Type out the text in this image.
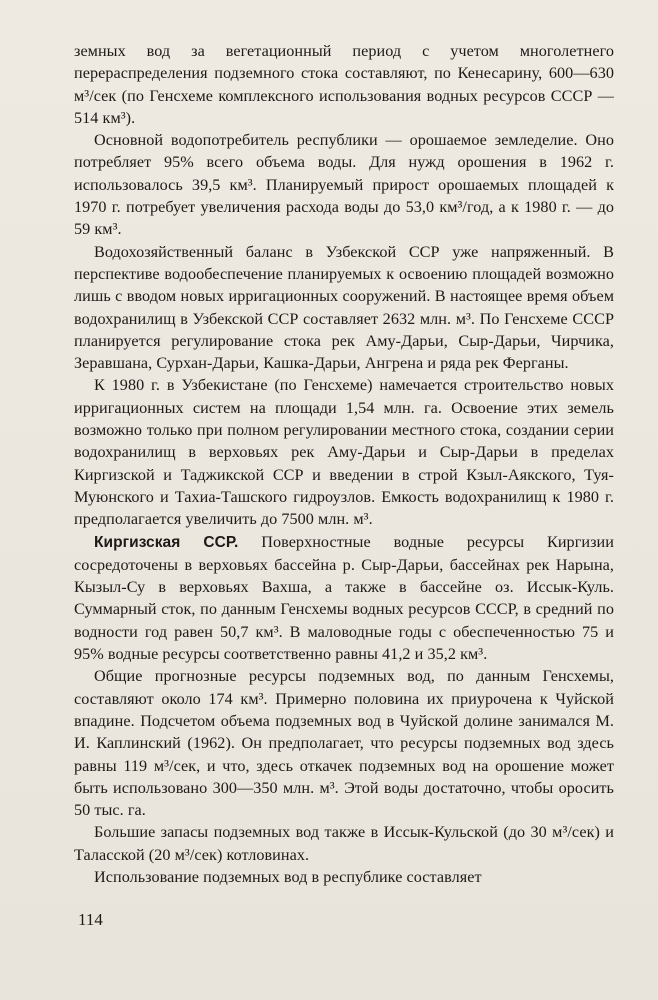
земных вод за вегетационный период с учетом многолетнего перераспределения подземного стока составляют, по Кенесарину, 600—630 м³/сек (по Генсхеме комплексного использования водных ресурсов СССР — 514 км³).

Основной водопотребитель республики — орошаемое земледелие. Оно потребляет 95% всего объема воды. Для нужд орошения в 1962 г. использовалось 39,5 км³. Планируемый прирост орошаемых площадей к 1970 г. потребует увеличения расхода воды до 53,0 км³/год, а к 1980 г. — до 59 км³.

Водохозяйственный баланс в Узбекской ССР уже напряженный. В перспективе водообеспечение планируемых к освоению площадей возможно лишь с вводом новых ирригационных сооружений. В настоящее время объем водохранилищ в Узбекской ССР составляет 2632 млн. м³. По Генсхеме СССР планируется регулирование стока рек Аму-Дарьи, Сыр-Дарьи, Чирчика, Зеравшана, Сурхан-Дарьи, Кашка-Дарьи, Ангрена и ряда рек Ферганы.

К 1980 г. в Узбекистане (по Генсхеме) намечается строительство новых ирригационных систем на площади 1,54 млн. га. Освоение этих земель возможно только при полном регулировании местного стока, создании серии водохранилищ в верховьях рек Аму-Дарьи и Сыр-Дарьи в пределах Киргизской и Таджикской ССР и введении в строй Кзыл-Аякского, Туя-Муюнского и Тахиа-Ташского гидроузлов. Емкость водохранилищ к 1980 г. предполагается увеличить до 7500 млн. м³.

Киргизская ССР. Поверхностные водные ресурсы Киргизии сосредоточены в верховьях бассейна р. Сыр-Дарьи, бассейнах рек Нарына, Кызыл-Су в верховьях Вахша, а также в бассейне оз. Иссык-Куль. Суммарный сток, по данным Генсхемы водных ресурсов СССР, в средний по водности год равен 50,7 км³. В маловодные годы с обеспеченностью 75 и 95% водные ресурсы соответственно равны 41,2 и 35,2 км³.

Общие прогнозные ресурсы подземных вод, по данным Генсхемы, составляют около 174 км³. Примерно половина их приурочена к Чуйской впадине. Подсчетом объема подземных вод в Чуйской долине занимался М. И. Каплинский (1962). Он предполагает, что ресурсы подземных вод здесь равны 119 м³/сек, и что, здесь откачек подземных вод на орошение может быть использовано 300—350 млн. м³. Этой воды достаточно, чтобы оросить 50 тыс. га.

Большие запасы подземных вод также в Иссык-Кульской (до 30 м³/сек) и Таласской (20 м³/сек) котловинах.

Использование подземных вод в республике составляет

114
